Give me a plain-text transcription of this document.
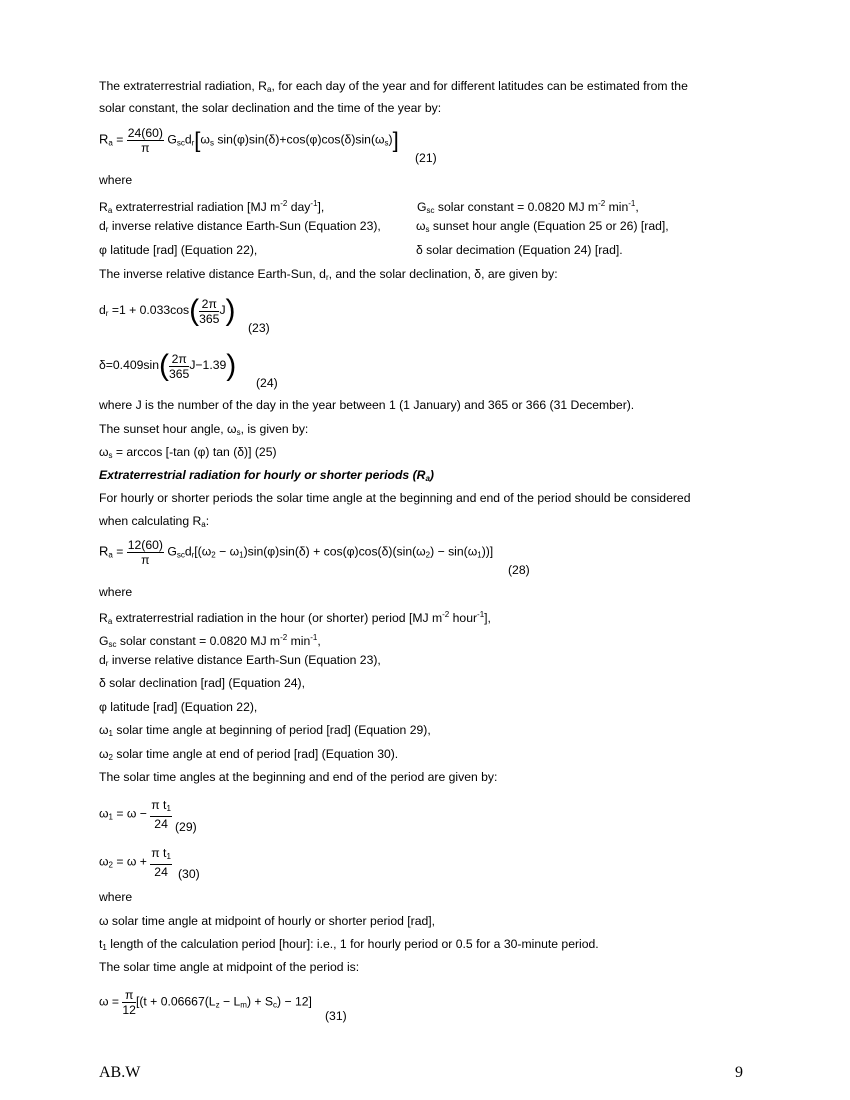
The extraterrestrial radiation, $R_a$, for each day of the year and for different latitudes can be estimated from the
solar constant, the solar declination and the time of the year by:
$R_a = \frac{24(60)}{\pi} G_{sc}d_r[\omega_s$ $\sin(\varphi)\sin(\delta)+\cos(\varphi)\cos(\delta)\sin(\omega_s)$]
(21)
where
$R_a$ extraterrestrial radiation [MJ $m^{-2}$ day$^{-1}$],	$G_{sc}$ solar constant = 0.0820 MJ $m^{-2}$ $\min^{-1}$,
$d_r$ inverse relative distance Earth-Sun (Equation 23),	$\omega_s$ sunset hour angle (Equation 25 or 26) [rad],
φ latitude [rad] (Equation 22),	δ solar decimation (Equation 24) [rad].
The inverse relative distance Earth-Sun, $d_r$, and the solar declination, δ, are given by:
$d_r =1 + 0.033\cos( \frac{2\pi}{365} J)$
(23)
$\delta=0.409\sin( \frac{2\pi}{365} J-1.39)$
(24)
where J is the number of the day in the year between 1 (1 January) and 365 or 366 (31 December).
The sunset hour angle, $\omega_s$, is given by:
$\omega_s = \arccos [-\tan$ (φ) tan (δ)] (25)
Extraterrestrial radiation for hourly or shorter periods $(R_a)$
For hourly or shorter periods the solar time angle at the beginning and end of the period should be considered
when calculating $R_a$:
$R_a = \frac{12(60)}{\pi} G_{sc}d_r[(\omega_2 - \omega_1)\sin(\varphi)\sin(\delta) + \cos(\varphi)\cos(\delta)(\sin(\omega_2) - \sin(\omega_1))]$
(28)
where
$R_a$ extraterrestrial radiation in the hour (or shorter) period [MJ $m^{-2}$ hour$^{-1}$],
$G_{sc}$ solar constant = 0.0820 MJ $m^{-2}$ $\min^{-1}$,
$d_r$ inverse relative distance Earth-Sun (Equation 23),
δ solar declination [rad] (Equation 24),
φ latitude [rad] (Equation 22),
$\omega_1$ solar time angle at beginning of period [rad] (Equation 29),
$\omega_2$ solar time angle at end of period [rad] (Equation 30).
The solar time angles at the beginning and end of the period are given by:
$\omega_1 = \omega - \frac{\pi t_1}{24} (29)$
$\omega_2 = \omega + \frac{\pi t_1}{24} (30)$
where
ω solar time angle at midpoint of hourly or shorter period [rad],
$t_1$ length of the calculation period [hour]: i.e., 1 for hourly period or 0.5 for a 30-minute period.
The solar time angle at midpoint of the period is:
$\omega = \frac{\pi}{12} [(t + 0.06667(L_z - L_m) + S_c) - 12]$
(31)
AB.W	9
